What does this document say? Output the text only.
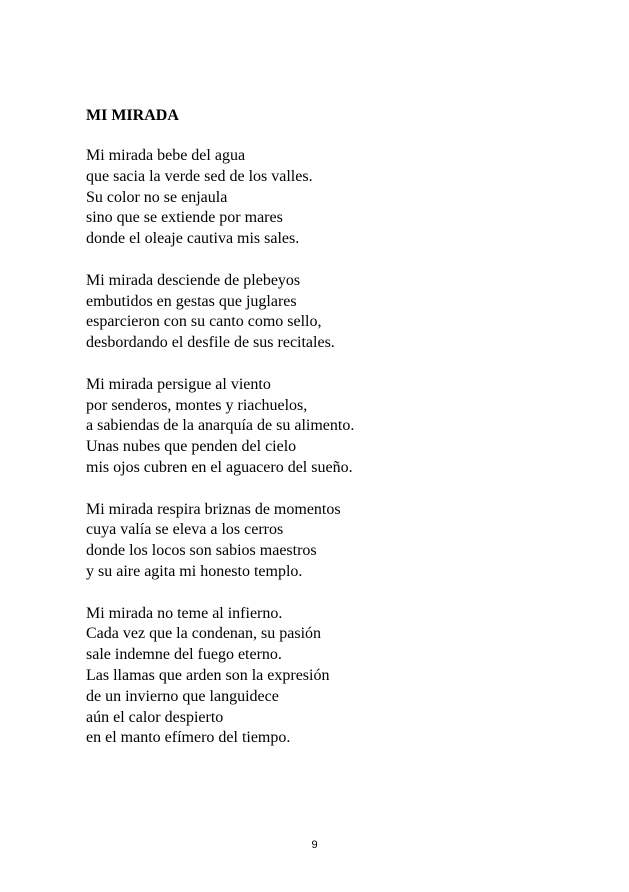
MI MIRADA
Mi mirada bebe del agua
que sacia la verde sed de los valles.
Su color no se enjaula
sino que se extiende por mares
donde el oleaje cautiva mis sales.
Mi mirada desciende de plebeyos
embutidos en gestas que juglares
esparcieron con su canto como sello,
desbordando el desfile de sus recitales.
Mi mirada persigue al viento
por senderos, montes y riachuelos,
a sabiendas de la anarquía de su alimento.
Unas nubes que penden del cielo
mis ojos cubren en el aguacero del sueño.
Mi mirada respira briznas de momentos
cuya valía se eleva a los cerros
donde los locos son sabios maestros
y su aire agita mi honesto templo.
Mi mirada no teme al infierno.
Cada vez que la condenan, su pasión
sale indemne del fuego eterno.
Las llamas que arden son la expresión
de un invierno que languidece
aún el calor despierto
en el manto efímero del tiempo.
9
